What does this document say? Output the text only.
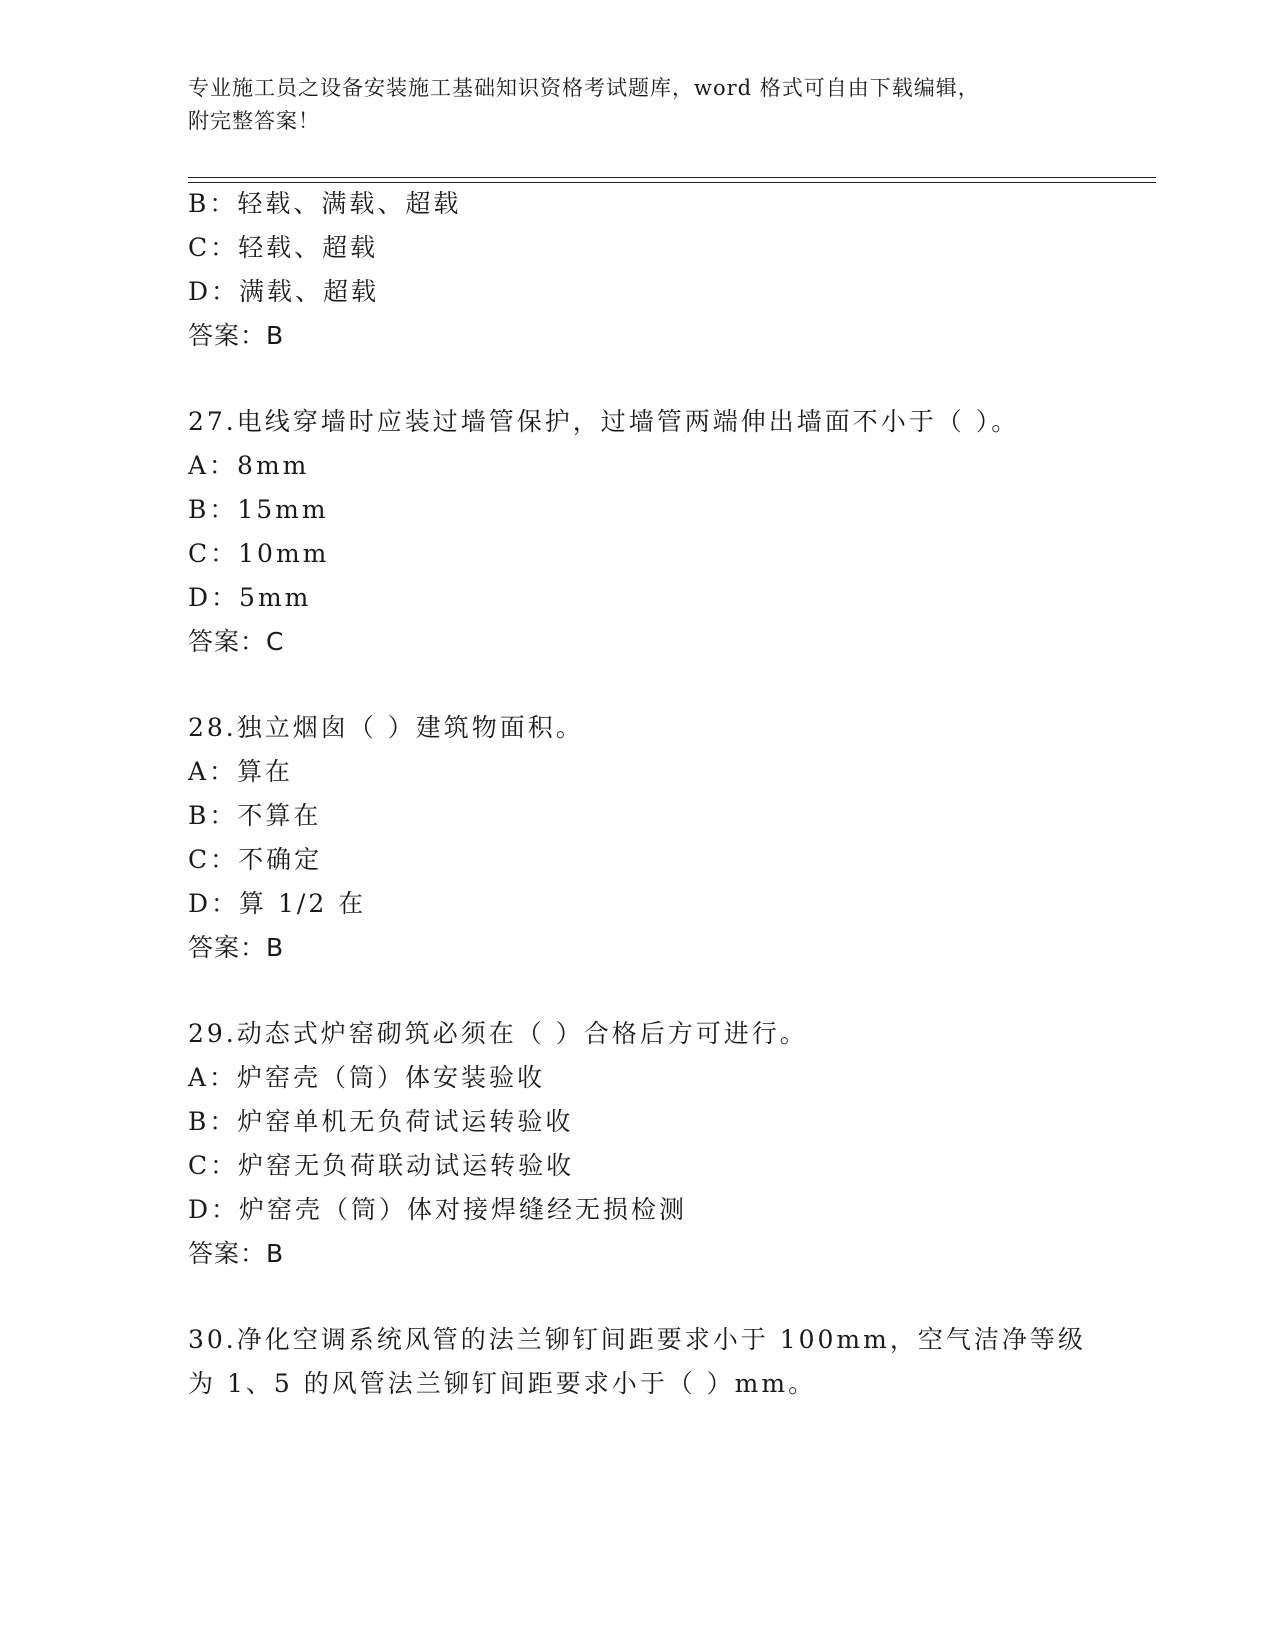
专业施工员之设备安装施工基础知识资格考试题库，word 格式可自由下载编辑，
附完整答案！
B：轻载、满载、超载
C：轻载、超载
D：满载、超载
答案：B
27.电线穿墙时应装过墙管保护，过墙管两端伸出墙面不小于（ ）。
A：8mm
B：15mm
C：10mm
D：5mm
答案：C
28.独立烟囱（ ）建筑物面积。
A：算在
B：不算在
C：不确定
D：算 1/2 在
答案：B
29.动态式炉窑砌筑必须在（ ）合格后方可进行。
A：炉窑壳（筒）体安装验收
B：炉窑单机无负荷试运转验收
C：炉窑无负荷联动试运转验收
D：炉窑壳（筒）体对接焊缝经无损检测
答案：B
30.净化空调系统风管的法兰铆钉间距要求小于 100mm，空气洁净等级
为 1、5 的风管法兰铆钉间距要求小于（ ）mm。
